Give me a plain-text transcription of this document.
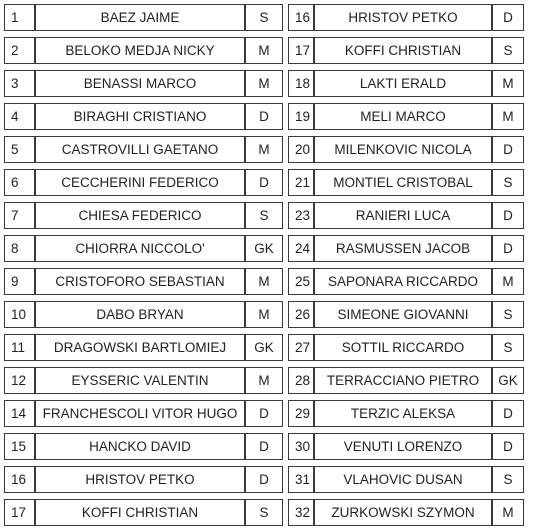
1	BAEZ JAIME	S	16	HRISTOV PETKO	D
2	BELOKO MEDJA NICKY	M	17	KOFFI CHRISTIAN	S
3	BENASSI MARCO	M	18	LAKTI ERALD	M
4	BIRAGHI CRISTIANO	D	19	MELI MARCO	M
5	CASTROVILLI GAETANO	M	20	MILENKOVIC NICOLA	D
6	CECCHERINI FEDERICO	D	21	MONTIEL CRISTOBAL	S
7	CHIESA FEDERICO	S	23	RANIERI LUCA	D
8	CHIORRA NICCOLO'	GK	24	RASMUSSEN JACOB	D
9	CRISTOFORO SEBASTIAN	M	25	SAPONARA RICCARDO	M
10	DABO BRYAN	M	26	SIMEONE GIOVANNI	S
11	DRAGOWSKI BARTLOMIEJ	GK	27	SOTTIL RICCARDO	S
12	EYSSERIC VALENTIN	M	28	TERRACCIANO PIETRO	GK
14	FRANCHESCOLI VITOR HUGO	D	29	TERZIC ALEKSA	D
15	HANCKO DAVID	D	30	VENUTI LORENZO	D
16	HRISTOV PETKO	D	31	VLAHOVIC DUSAN	S
17	KOFFI CHRISTIAN	S	32	ZURKOWSKI SZYMON	M
